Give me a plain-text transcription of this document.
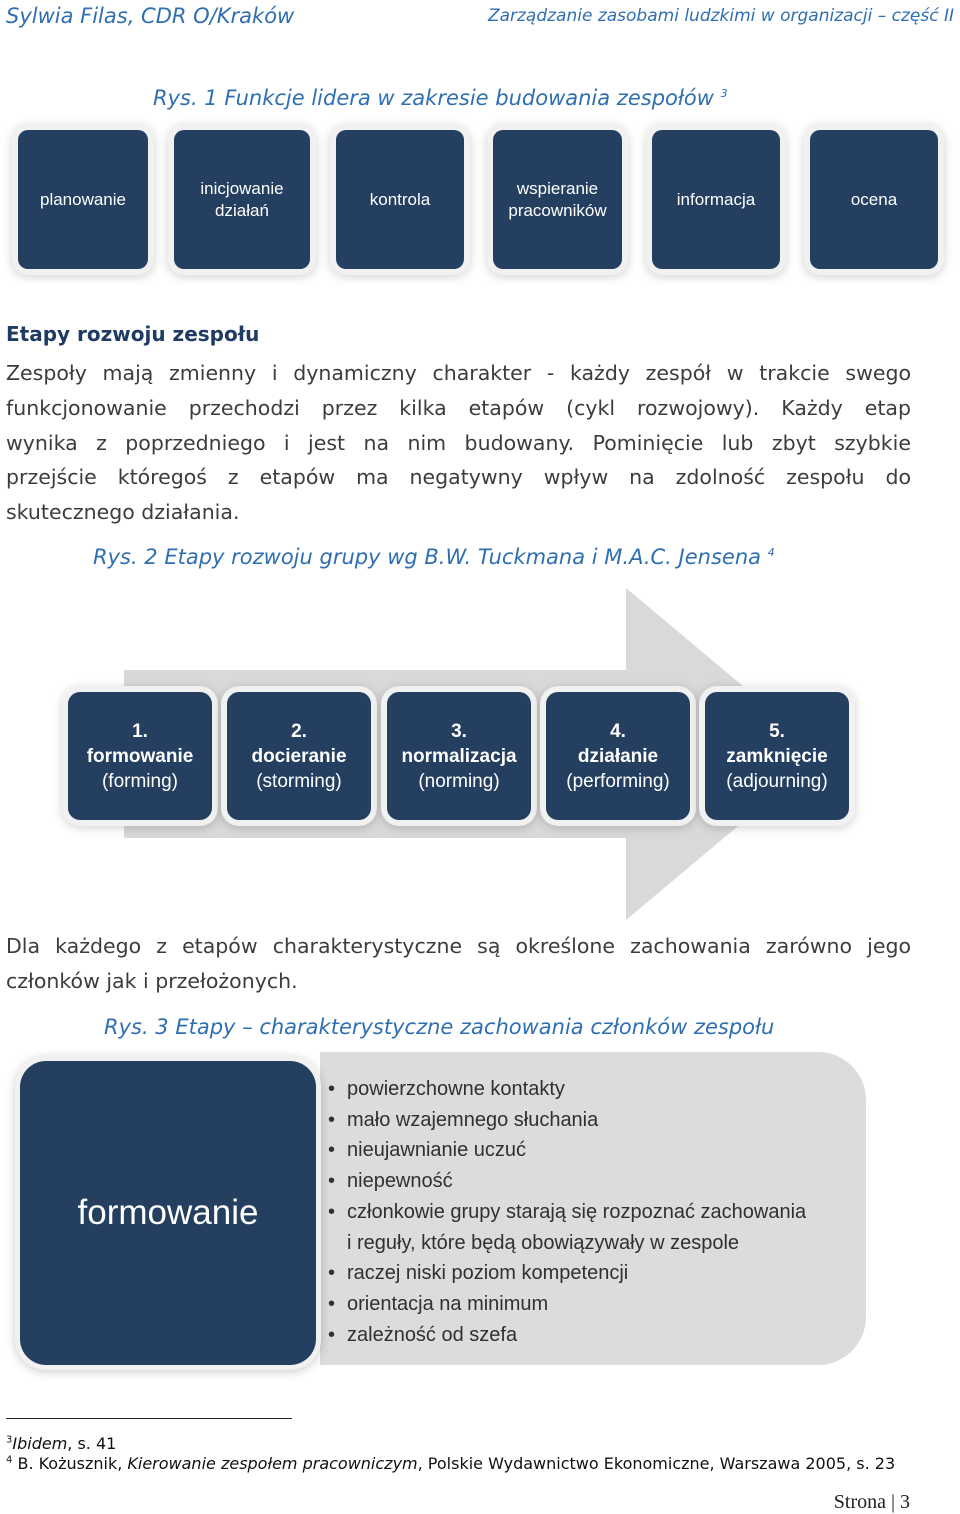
Sylwia Filas, CDR O/Kraków	Zarządzanie zasobami ludzkimi w organizacji – część II
Rys. 1 Funkcje lidera w zakresie budowania zespołów $^3$
planowanie
inicjowanie
działań
kontrola
wspieranie
pracowników
informacja	ocena
Etapy rozwoju zespołu
Zespoły mają zmienny i dynamiczny charakter - każdy zespół w trakcie swego
funkcjonowanie przechodzi przez kilka etapów (cykl rozwojowy). Każdy etap
wynika z poprzedniego i jest na nim budowany. Pominięcie lub zbyt szybkie
przejście któregoś z etapów ma negatywny wpływ na zdolność zespołu do
skutecznego działania.
Rys. 2 Etapy rozwoju grupy wg B.W. Tuckmana i M.A.C. Jensena $^4$
1.
formowanie
(forming)
2.
docieranie
(storming)
3.
normalizacja
(norming)
4.
działanie
(performing)
5.
zamknięcie
(adjourning)
Dla każdego z etapów charakterystyczne są określone zachowania zarówno jego
członków jak i przełożonych.
Rys. 3 Etapy – charakterystyczne zachowania członków zespołu
formowanie
• powierzchowne kontakty
• mało wzajemnego słuchania
• nieujawnianie uczuć
• niepewność
• członkowie grupy starają się rozpoznać zachowania
i reguły, które będą obowiązywały w zespole
• raczej niski poziom kompetencji
• orientacja na minimum
• zależność od szefa
$^3$Ibidem, s. 41
$^4$ B. Kożusznik, Kierowanie zespołem pracowniczym, Polskie Wydawnictwo Ekonomiczne, Warszawa 2005, s. 23
Strona | 3
